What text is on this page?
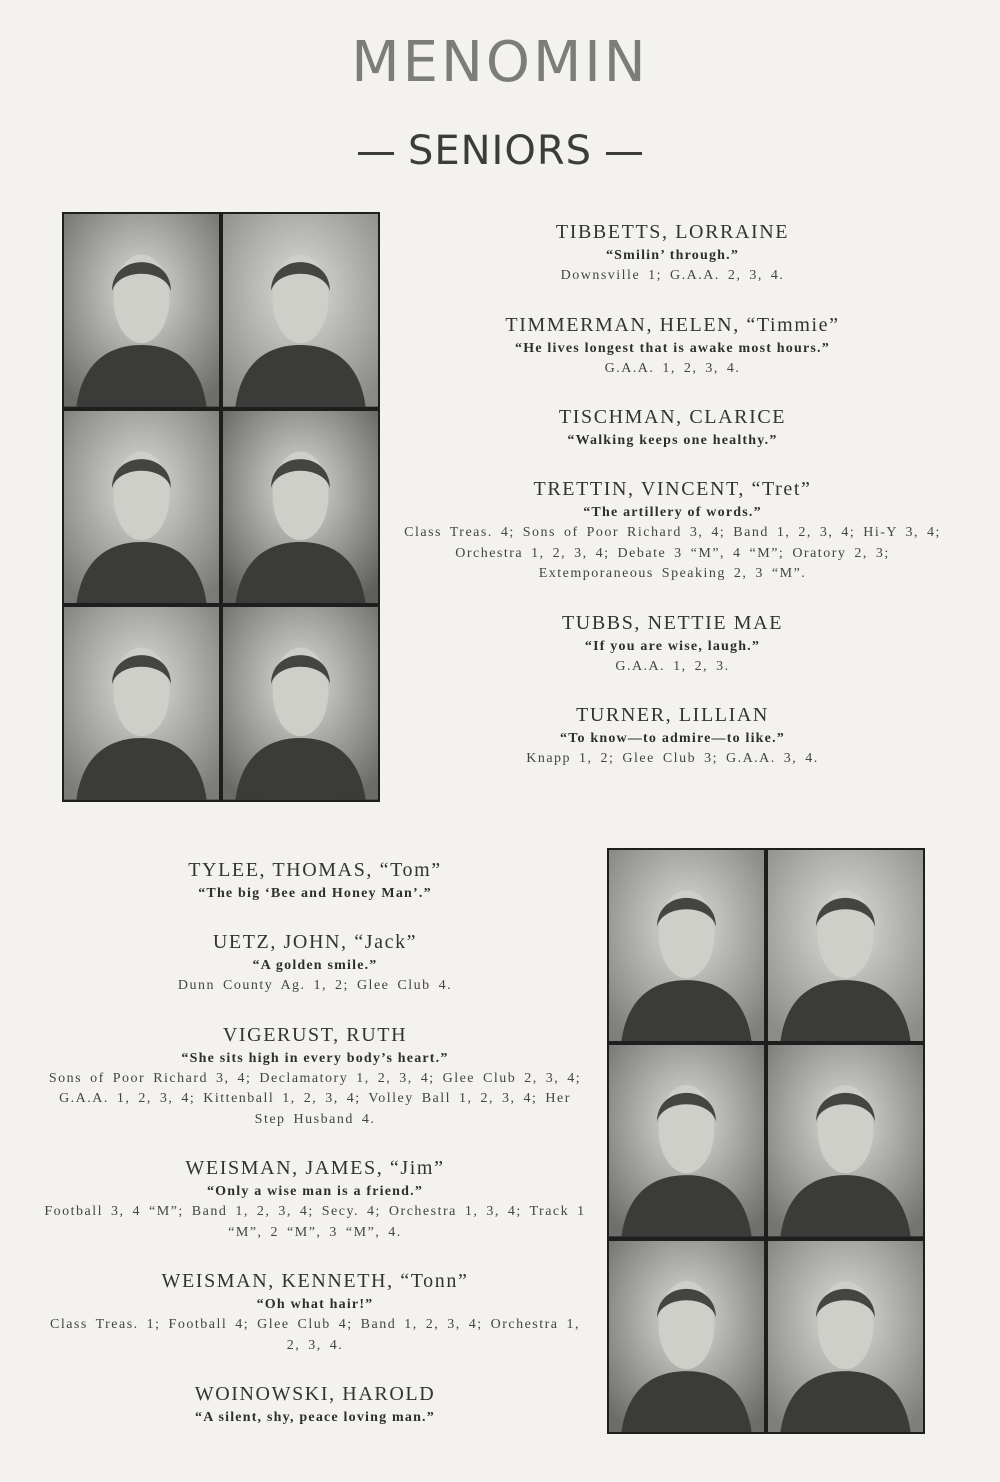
MENOMIN
SENIORS
TIBBETTS, LORRAINE
“Smilin’ through.”
Downsville 1; G.A.A. 2, 3, 4.
TIMMERMAN, HELEN, “Timmie”
“He lives longest that is awake most hours.”
G.A.A. 1, 2, 3, 4.
TISCHMAN, CLARICE
“Walking keeps one healthy.”
TRETTIN, VINCENT, “Tret”
“The artillery of words.”
Class Treas. 4; Sons of Poor Richard 3, 4; Band 1, 2, 3, 4; Hi-Y 3, 4; Orchestra 1, 2, 3, 4; Debate 3 “M”, 4 “M”; Oratory 2, 3; Extemporaneous Speaking 2, 3 “M”.
TUBBS, NETTIE MAE
“If you are wise, laugh.”
G.A.A. 1, 2, 3.
TURNER, LILLIAN
“To know—to admire—to like.”
Knapp 1, 2; Glee Club 3; G.A.A. 3, 4.
TYLEE, THOMAS, “Tom”
“The big ‘Bee and Honey Man’.”
UETZ, JOHN, “Jack”
“A golden smile.”
Dunn County Ag. 1, 2; Glee Club 4.
VIGERUST, RUTH
“She sits high in every body’s heart.”
Sons of Poor Richard 3, 4; Declamatory 1, 2, 3, 4; Glee Club 2, 3, 4; G.A.A. 1, 2, 3, 4; Kittenball 1, 2, 3, 4; Volley Ball 1, 2, 3, 4; Her Step Husband 4.
WEISMAN, JAMES, “Jim”
“Only a wise man is a friend.”
Football 3, 4 “M”; Band 1, 2, 3, 4; Secy. 4; Orchestra 1, 3, 4; Track 1 “M”, 2 “M”, 3 “M”, 4.
WEISMAN, KENNETH, “Tonn”
“Oh what hair!”
Class Treas. 1; Football 4; Glee Club 4; Band 1, 2, 3, 4; Orchestra 1, 2, 3, 4.
WOINOWSKI, HAROLD
“A silent, shy, peace loving man.”
